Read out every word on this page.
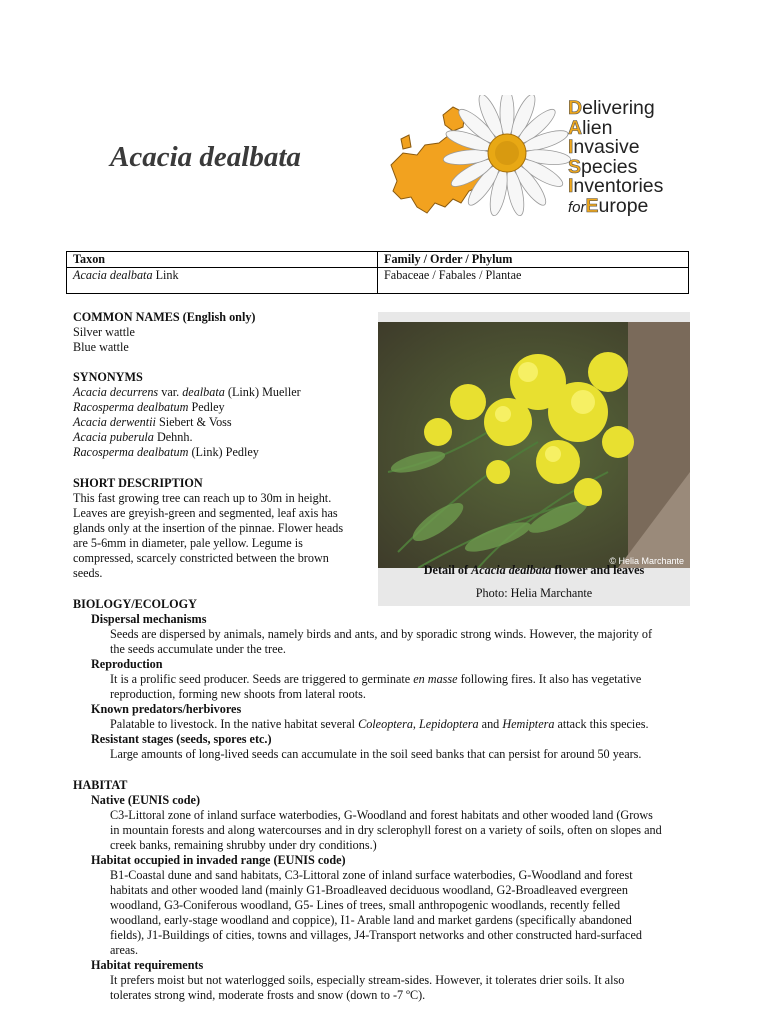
Acacia dealbata
Delivering
Alien
Invasive
Species
Inventories
forEurope
Taxon	Family / Order / Phylum
Acacia dealbata Link	Fabaceae / Fabales / Plantae
COMMON NAMES (English only)
Silver wattle
Blue wattle
SYNONYMS
Acacia decurrens var. dealbata (Link) Mueller
Racosperma dealbatum Pedley
Acacia derwentii Siebert & Voss
Acacia puberula Dehnh.
Racosperma dealbatum (Link) Pedley
SHORT DESCRIPTION
This fast growing tree can reach up to 30m in height.
Leaves are greyish-green and segmented, leaf axis has
glands only at the insertion of the pinnae. Flower heads
are 5-6mm in diameter, pale yellow. Legume is
compressed, scarcely constricted between the brown
seeds.
© Helia Marchante
Detail of Acacia dealbata flower and leaves
Photo: Helia Marchante
BIOLOGY/ECOLOGY
Dispersal mechanisms
Seeds are dispersed by animals, namely birds and ants, and by sporadic strong winds. However, the majority of
the seeds accumulate under the tree.
Reproduction
It is a prolific seed producer. Seeds are triggered to germinate en masse following fires. It also has vegetative
reproduction, forming new shoots from lateral roots.
Known predators/herbivores
Palatable to livestock. In the native habitat several Coleoptera, Lepidoptera and Hemiptera attack this species.
Resistant stages (seeds, spores etc.)
Large amounts of long-lived seeds can accumulate in the soil seed banks that can persist for around 50 years.
HABITAT
Native (EUNIS code)
C3-Littoral zone of inland surface waterbodies, G-Woodland and forest habitats and other wooded land (Grows
in mountain forests and along watercourses and in dry sclerophyll forest on a variety of soils, often on slopes and
creek banks, remaining shrubby under dry conditions.)
Habitat occupied in invaded range (EUNIS code)
B1-Coastal dune and sand habitats, C3-Littoral zone of inland surface waterbodies, G-Woodland and forest
habitats and other wooded land (mainly G1-Broadleaved deciduous woodland, G2-Broadleaved evergreen
woodland, G3-Coniferous woodland, G5- Lines of trees, small anthropogenic woodlands, recently felled
woodland, early-stage woodland and coppice), I1- Arable land and market gardens (specifically abandoned
fields), J1-Buildings of cities, towns and villages, J4-Transport networks and other constructed hard-surfaced
areas.
Habitat requirements
It prefers moist but not waterlogged soils, especially stream-sides. However, it tolerates drier soils. It also
tolerates strong wind, moderate frosts and snow (down to -7 ºC).
